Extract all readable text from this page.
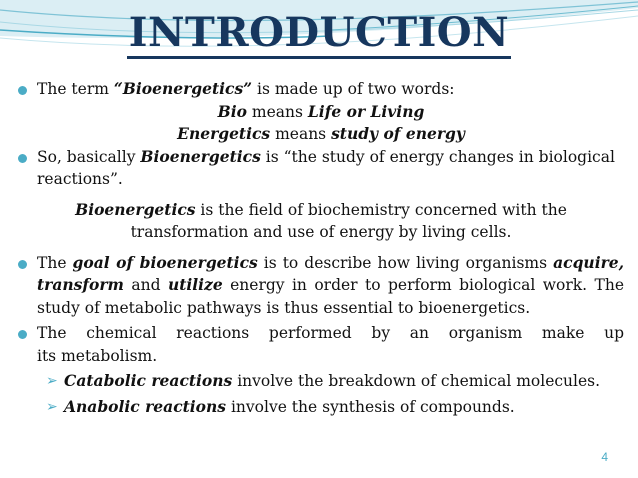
INTRODUCTION
The term “Bioenergetics” is made up of two words:
Bio means Life or Living
Energetics means study of energy
So, basically Bioenergetics is “the study of energy changes in biological
reactions”.
Bioenergetics is the field of biochemistry concerned with the
transformation and use of energy by living cells.
The goal of bioenergetics is to describe how living organisms acquire, transform and utilize energy in order to perform biological work. The study of metabolic pathways is thus essential to bioenergetics.
The chemical reactions performed by an organism make up
its metabolism.
➢ Catabolic reactions involve the breakdown of chemical molecules.
➢ Anabolic reactions involve the synthesis of compounds.
4
